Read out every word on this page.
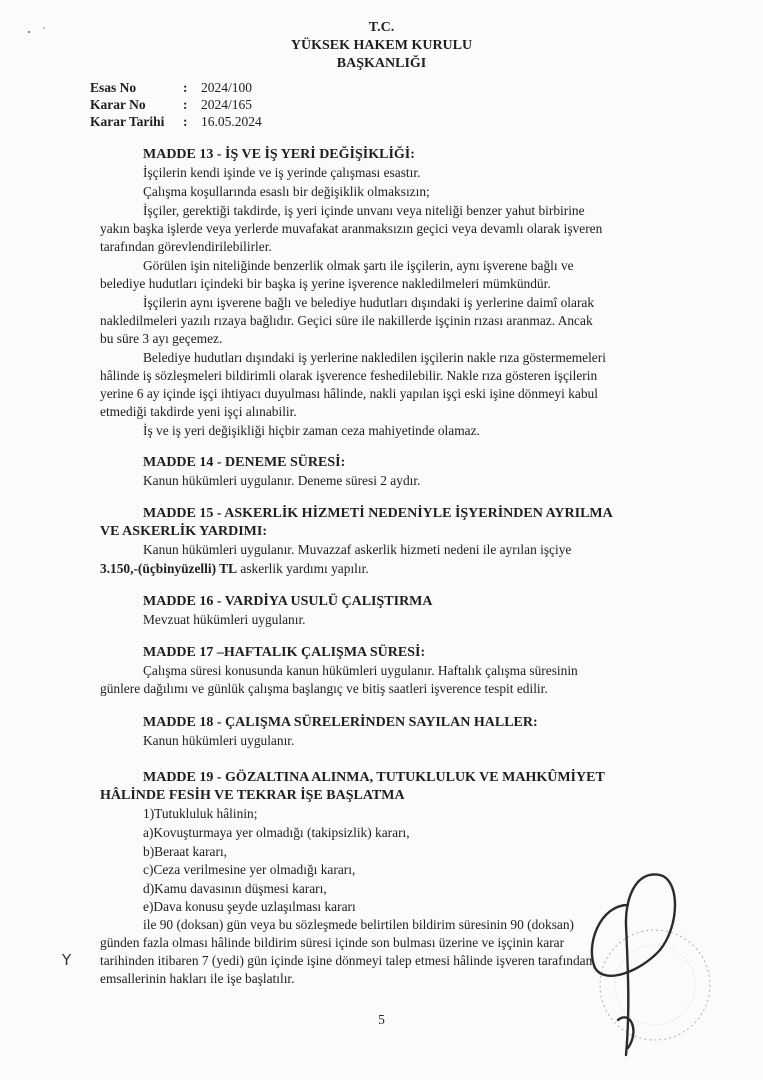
T.C.
YÜKSEK HAKEM KURULU
BAŞKANLIĞI
Esas No	: 2024/100
Karar No	: 2024/165
Karar Tarihi : 16.05.2024
MADDE 13 - İŞ VE İŞ YERİ DEĞİŞİKLİĞİ:
İşçilerin kendi işinde ve iş yerinde çalışması esastır.
Çalışma koşullarında esaslı bir değişiklik olmaksızın;
İşçiler, gerektiği takdirde, iş yeri içinde unvanı veya niteliği benzer yahut birbirine
yakın başka işlerde veya yerlerde muvafakat aranmaksızın geçici veya devamlı olarak işveren
tarafından görevlendirilebilirler.
Görülen işin niteliğinde benzerlik olmak şartı ile işçilerin, aynı işverene bağlı ve
belediye hudutları içindeki bir başka iş yerine işverence nakledilmeleri mümkündür.
İşçilerin aynı işverene bağlı ve belediye hudutları dışındaki iş yerlerine daimî olarak
nakledilmeleri yazılı rızaya bağlıdır. Geçici süre ile nakillerde işçinin rızası aranmaz. Ancak
bu süre 3 ayı geçemez.
Belediye hudutları dışındaki iş yerlerine nakledilen işçilerin nakle rıza göstermemeleri
hâlinde iş sözleşmeleri bildirimli olarak işverence feshedilebilir. Nakle rıza gösteren işçilerin
yerine 6 ay içinde işçi ihtiyacı duyulması hâlinde, nakli yapılan işçi eski işine dönmeyi kabul
etmediği takdirde yeni işçi alınabilir.
İş ve iş yeri değişikliği hiçbir zaman ceza mahiyetinde olamaz.
MADDE 14 - DENEME SÜRESİ:
Kanun hükümleri uygulanır. Deneme süresi 2 aydır.
MADDE 15 - ASKERLİK HİZMETİ NEDENİYLE İŞYERİNDEN AYRILMA
VE ASKERLİK YARDIMI:
Kanun hükümleri uygulanır. Muvazzaf askerlik hizmeti nedeni ile ayrılan işçiye
3.150,-(üçbinyüzelli) TL askerlik yardımı yapılır.
MADDE 16 - VARDİYA USULÜ ÇALIŞTIRMA
Mevzuat hükümleri uygulanır.
MADDE 17 –HAFTALIK ÇALIŞMA SÜRESİ:
Çalışma süresi konusunda kanun hükümleri uygulanır. Haftalık çalışma süresinin
günlere dağılımı ve günlük çalışma başlangıç ve bitiş saatleri işverence tespit edilir.
MADDE 18 - ÇALIŞMA SÜRELERİNDEN SAYILAN HALLER:
Kanun hükümleri uygulanır.
MADDE 19 - GÖZALTINA ALINMA, TUTUKLULUK VE MAHKÛMİYET
HÂLİNDE FESİH VE TEKRAR İŞE BAŞLATMA
1)Tutukluluk hâlinin;
a)Kovuşturmaya yer olmadığı (takipsizlik) kararı,
b)Beraat kararı,
c)Ceza verilmesine yer olmadığı kararı,
d)Kamu davasının düşmesi kararı,
e)Dava konusu şeyde uzlaşılması kararı
ile 90 (doksan) gün veya bu sözleşmede belirtilen bildirim süresinin 90 (doksan)
günden fazla olması hâlinde bildirim süresi içinde son bulması üzerine ve işçinin karar
tarihinden itibaren 7 (yedi) gün içinde işine dönmeyi talep etmesi hâlinde işveren tarafından,
emsallerinin hakları ile işe başlatılır.
5
Y
